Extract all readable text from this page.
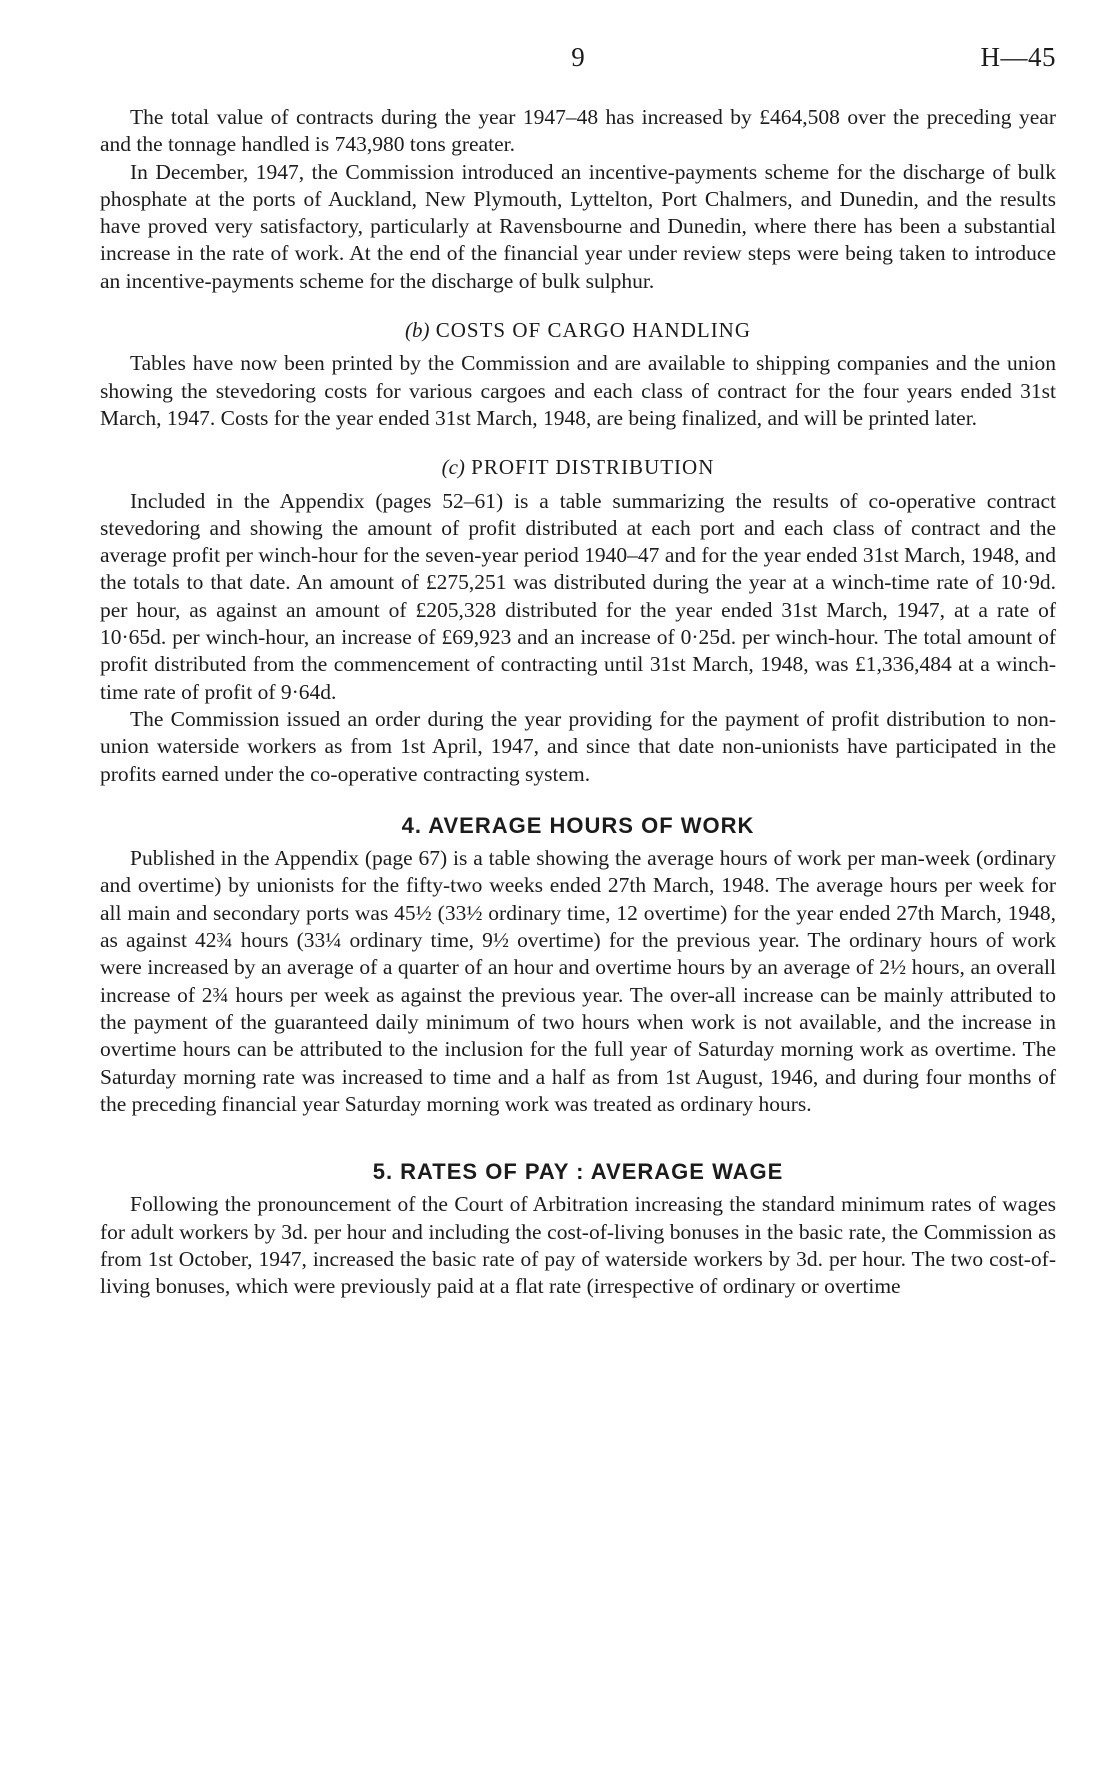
9	H—45

The total value of contracts during the year 1947–48 has increased by £464,508 over the preceding year and the tonnage handled is 743,980 tons greater.

In December, 1947, the Commission introduced an incentive-payments scheme for the discharge of bulk phosphate at the ports of Auckland, New Plymouth, Lyttelton, Port Chalmers, and Dunedin, and the results have proved very satisfactory, particularly at Ravensbourne and Dunedin, where there has been a substantial increase in the rate of work. At the end of the financial year under review steps were being taken to introduce an incentive-payments scheme for the discharge of bulk sulphur.

(b) COSTS OF CARGO HANDLING

Tables have now been printed by the Commission and are available to shipping companies and the union showing the stevedoring costs for various cargoes and each class of contract for the four years ended 31st March, 1947. Costs for the year ended 31st March, 1948, are being finalized, and will be printed later.

(c) PROFIT DISTRIBUTION

Included in the Appendix (pages 52–61) is a table summarizing the results of co-operative contract stevedoring and showing the amount of profit distributed at each port and each class of contract and the average profit per winch-hour for the seven-year period 1940–47 and for the year ended 31st March, 1948, and the totals to that date. An amount of £275,251 was distributed during the year at a winch-time rate of 10·9d. per hour, as against an amount of £205,328 distributed for the year ended 31st March, 1947, at a rate of 10·65d. per winch-hour, an increase of £69,923 and an increase of 0·25d. per winch-hour. The total amount of profit distributed from the commencement of contracting until 31st March, 1948, was £1,336,484 at a winch-time rate of profit of 9·64d.

The Commission issued an order during the year providing for the payment of profit distribution to non-union waterside workers as from 1st April, 1947, and since that date non-unionists have participated in the profits earned under the co-operative contracting system.

4. AVERAGE HOURS OF WORK

Published in the Appendix (page 67) is a table showing the average hours of work per man-week (ordinary and overtime) by unionists for the fifty-two weeks ended 27th March, 1948. The average hours per week for all main and secondary ports was 45½ (33½ ordinary time, 12 overtime) for the year ended 27th March, 1948, as against 42¾ hours (33¼ ordinary time, 9½ overtime) for the previous year. The ordinary hours of work were increased by an average of a quarter of an hour and overtime hours by an average of 2½ hours, an overall increase of 2¾ hours per week as against the previous year. The over-all increase can be mainly attributed to the payment of the guaranteed daily minimum of two hours when work is not available, and the increase in overtime hours can be attributed to the inclusion for the full year of Saturday morning work as overtime. The Saturday morning rate was increased to time and a half as from 1st August, 1946, and during four months of the preceding financial year Saturday morning work was treated as ordinary hours.

5. RATES OF PAY : AVERAGE WAGE

Following the pronouncement of the Court of Arbitration increasing the standard minimum rates of wages for adult workers by 3d. per hour and including the cost-of-living bonuses in the basic rate, the Commission as from 1st October, 1947, increased the basic rate of pay of waterside workers by 3d. per hour. The two cost-of-living bonuses, which were previously paid at a flat rate (irrespective of ordinary or overtime
